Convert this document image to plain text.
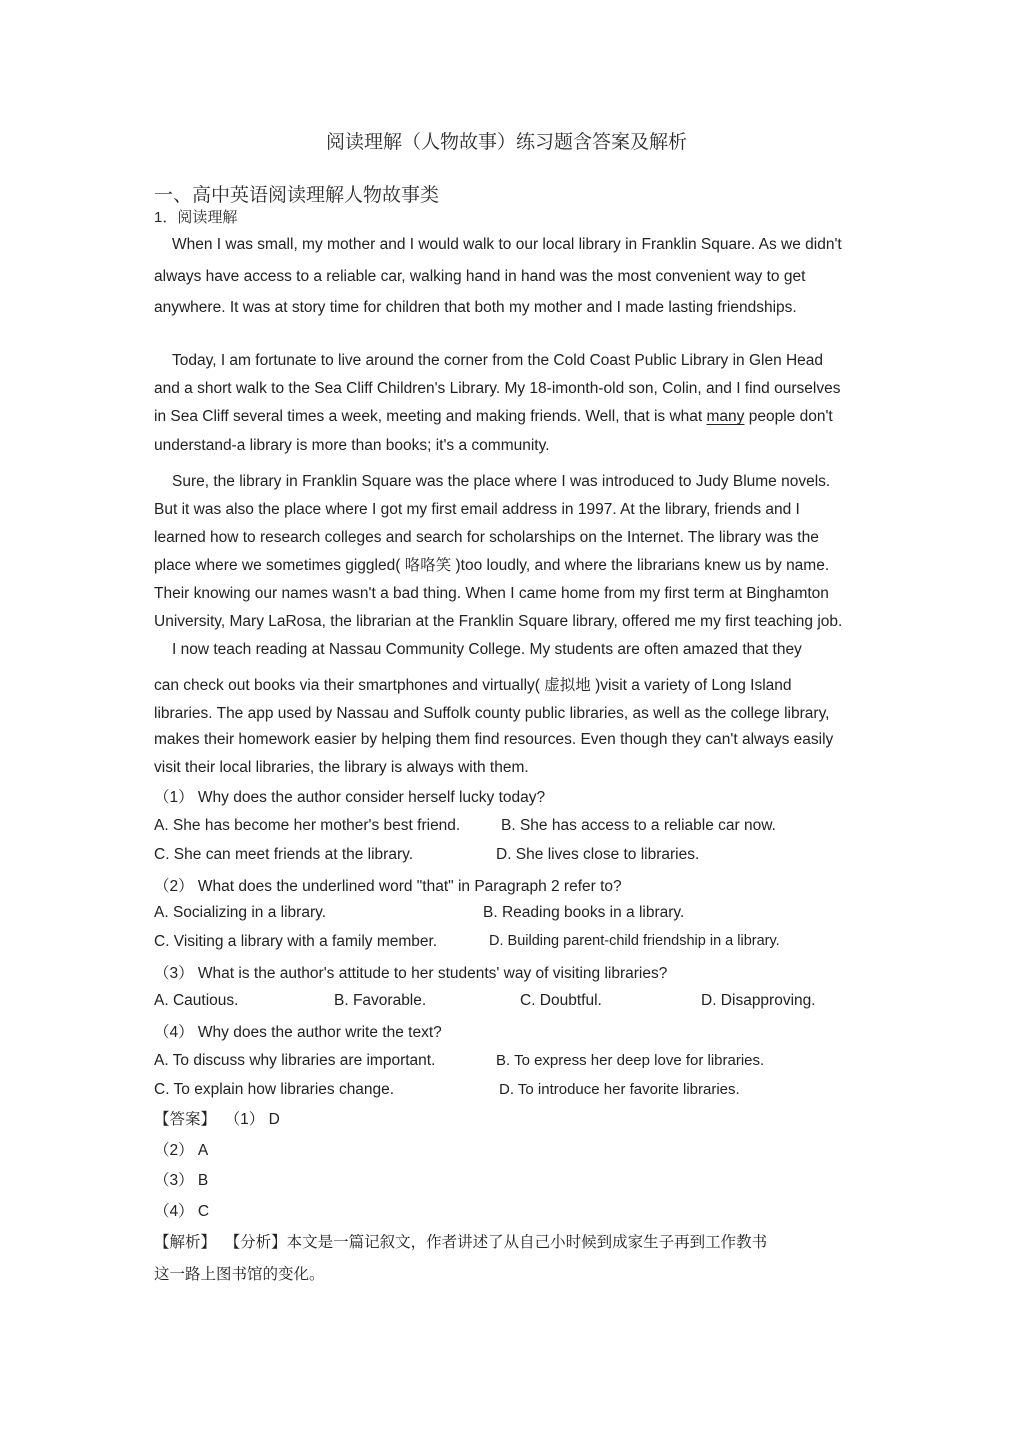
阅读理解（人物故事）练习题含答案及解析
一、高中英语阅读理解人物故事类
1．阅读理解
When I was small, my mother and I would walk to our local library in Franklin Square. As we didn't
always have access to a reliable car, walking hand in hand was the most convenient way to get
anywhere. It was at story time for children that both my mother and I made lasting friendships.
Today, I am fortunate to live around the corner from the Cold Coast Public Library in Glen Head
and a short walk to the Sea Cliff Children's Library. My 18-imonth-old son, Colin, and I find ourselves
in Sea Cliff several times a week, meeting and making friends. Well, that is what many people don't
understand-a library is more than books; it's a community.
Sure, the library in Franklin Square was the place where I was introduced to Judy Blume novels.
But it was also the place where I got my first email address in 1997. At the library, friends and I
learned how to research colleges and search for scholarships on the Internet. The library was the
place where we sometimes giggled( 咯咯笑 )too loudly, and where the librarians knew us by name.
Their knowing our names wasn't a bad thing. When I came home from my first term at Binghamton
University, Mary LaRosa, the librarian at the Franklin Square library, offered me my first teaching job.
I now teach reading at Nassau Community College. My students are often amazed that they
can check out books via their smartphones and virtually( 虚拟地 )visit a variety of Long Island
libraries. The app used by Nassau and Suffolk county public libraries, as well as the college library,
makes their homework easier by helping them find resources. Even though they can't always easily
visit their local libraries, the library is always with them.
（1） Why does the author consider herself lucky today?
A. She has become her mother's best friend.	B. She has access to a reliable car now.
C. She can meet friends at the library.	D. She lives close to libraries.
（2） What does the underlined word "that" in Paragraph 2 refer to?
A. Socializing in a library.	B. Reading books in a library.
C. Visiting a library with a family member.	D. Building parent-child friendship in a library.
（3） What is the author's attitude to her students' way of visiting libraries?
A. Cautious.	B. Favorable.	C. Doubtful.	D. Disapproving.
（4） Why does the author write the text?
A. To discuss why libraries are important.	B. To express her deep love for libraries.
C. To explain how libraries change.	D. To introduce her favorite libraries.
【答案】 （1） D
（2） A
（3） B
（4） C
【解析】 【分析】本文是一篇记叙文，作者讲述了从自己小时候到成家生子再到工作教书
这一路上图书馆的变化。
